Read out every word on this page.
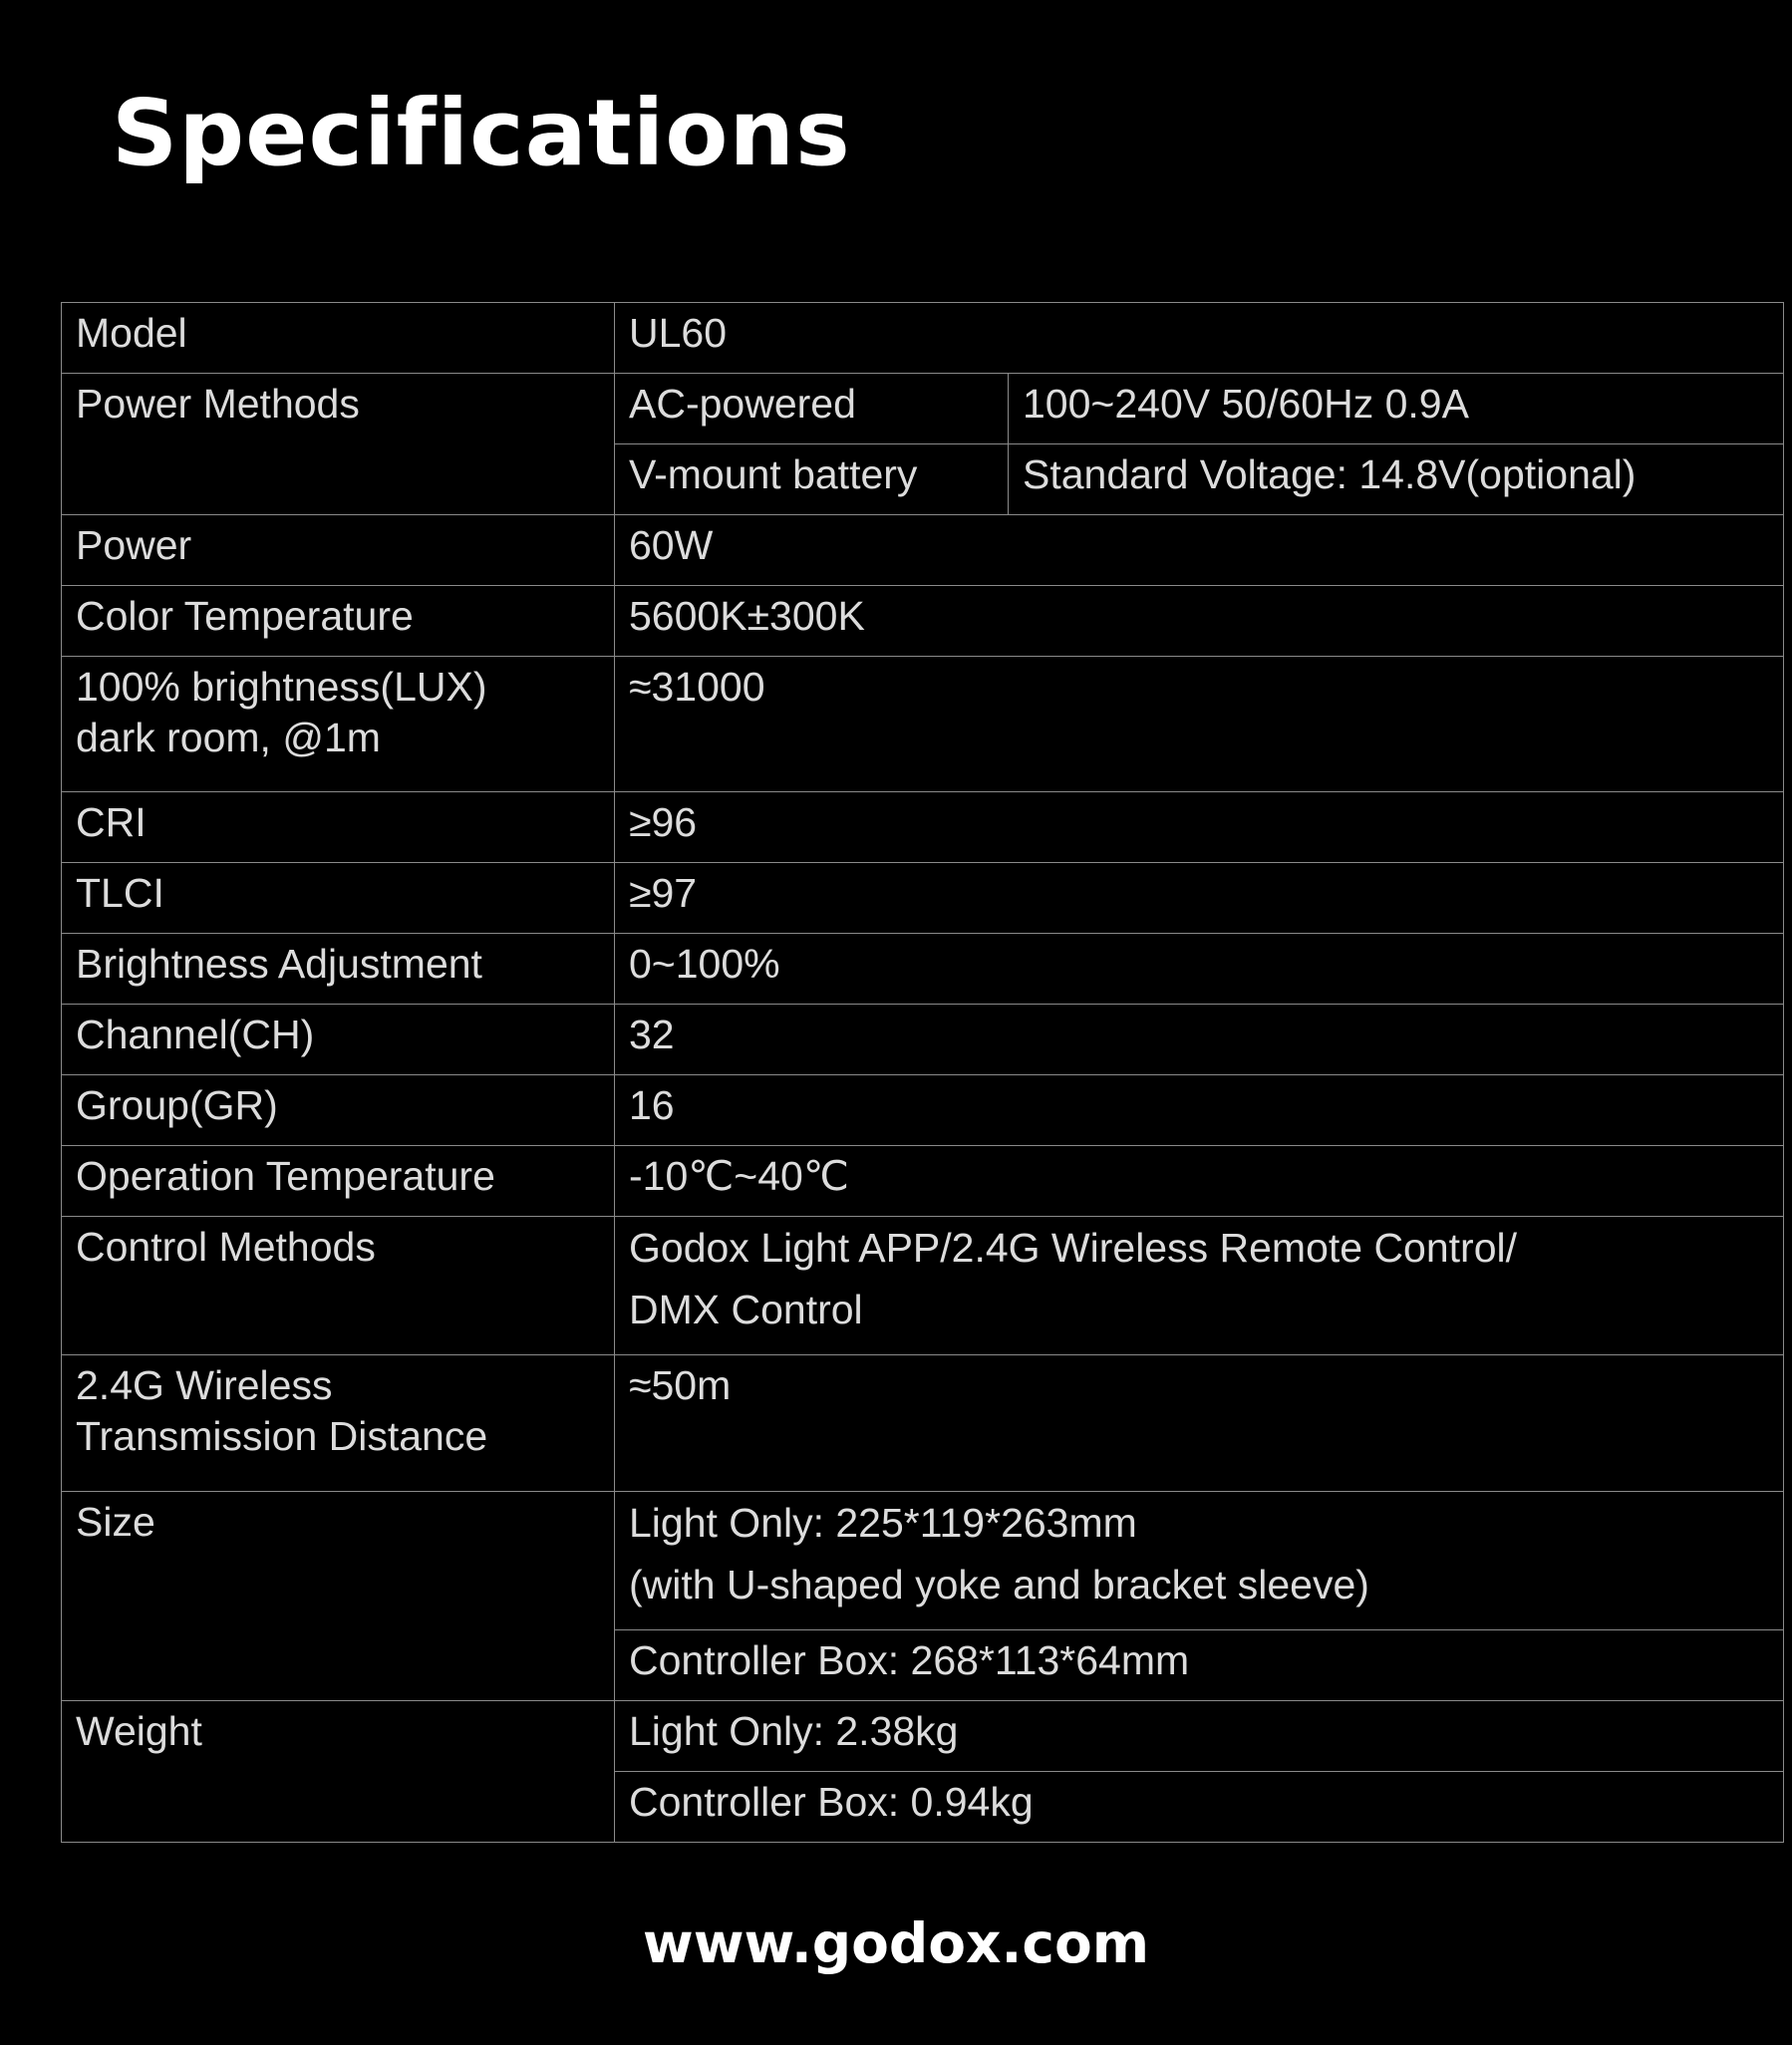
Specifications
Model	UL60	
Power Methods	AC-powered	100~240V 50/60Hz 0.9A
	V-mount battery	Standard Voltage: 14.8V(optional)
Power	60W	
Color Temperature	5600K±300K	

100% brightness(LUX)
dark room, @1m	≈31000	
CRI	≥96	
TLCI	≥97	
Brightness Adjustment	0~100%	
Channel(CH)	32	
Group(GR)	16	
Operation Temperature	-10℃~40℃	
Control Methods	Godox Light APP/2.4G Wireless Remote Control/
DMX Control	

2.4G Wireless
Transmission Distance	≈50m	
Size	Light Only: 225*119*263mm
(with U-shaped yoke and bracket sleeve)	

	Controller Box: 268*113*64mm	
Weight	Light Only: 2.38kg	
	Controller Box: 0.94kg	
www.godox.com
